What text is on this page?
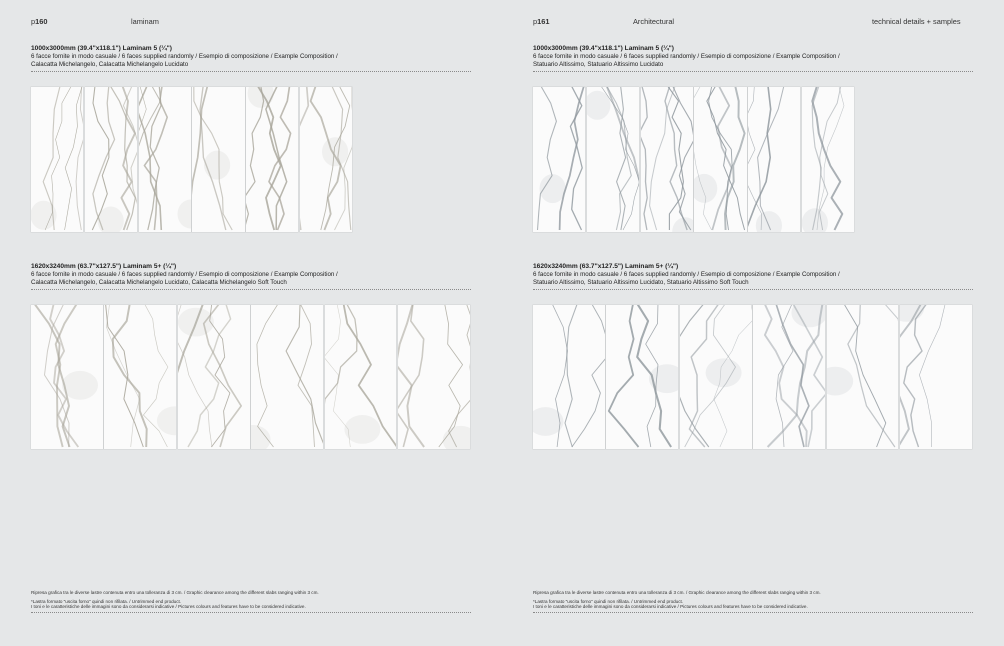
p160	laminam
1000x3000mm (39.4"x118.1") Laminam 5 (¼")
6 facce fornite in modo casuale / 6 faces supplied randomly / Esempio di composizione / Example Composition /
Calacatta Michelangelo, Calacatta Michelangelo Lucidato
1620x3240mm (63.7"x127.5") Laminam 5+ (¼")
6 facce fornite in modo casuale / 6 faces supplied randomly / Esempio di composizione / Example Composition /
Calacatta Michelangelo, Calacatta Michelangelo Lucidato, Calacatta Michelangelo Soft Touch
Ripresa grafica tra le diverse lastre contenuta entro una tolleranza di 3 cm. / Graphic clearance among the different slabs ranging within 3 cm.
*Lastra formato "uscita forno" quindi non rifilata. / Untrimmed end product.
I toni e le caratteristiche delle immagini sono da considerarsi indicative / Pictures colours and features have to be considered indicative.
p161	Architectural	technical details + samples
1000x3000mm (39.4"x118.1") Laminam 5 (¼")
6 facce fornite in modo casuale / 6 faces supplied randomly / Esempio di composizione / Example Composition /
Statuario Altissimo, Statuario Altissimo Lucidato
1620x3240mm (63.7"x127.5") Laminam 5+ (¼")
6 facce fornite in modo casuale / 6 faces supplied randomly / Esempio di composizione / Example Composition /
Statuario Altissimo, Statuario Altissimo Lucidato, Statuario Altissimo Soft Touch
Ripresa grafica tra le diverse lastre contenuta entro una tolleranza di 3 cm. / Graphic clearance among the different slabs ranging within 3 cm.
*Lastra formato "uscita forno" quindi non rifilata. / Untrimmed end product.
I toni e le caratteristiche delle immagini sono da considerarsi indicative / Pictures colours and features have to be considered indicative.
